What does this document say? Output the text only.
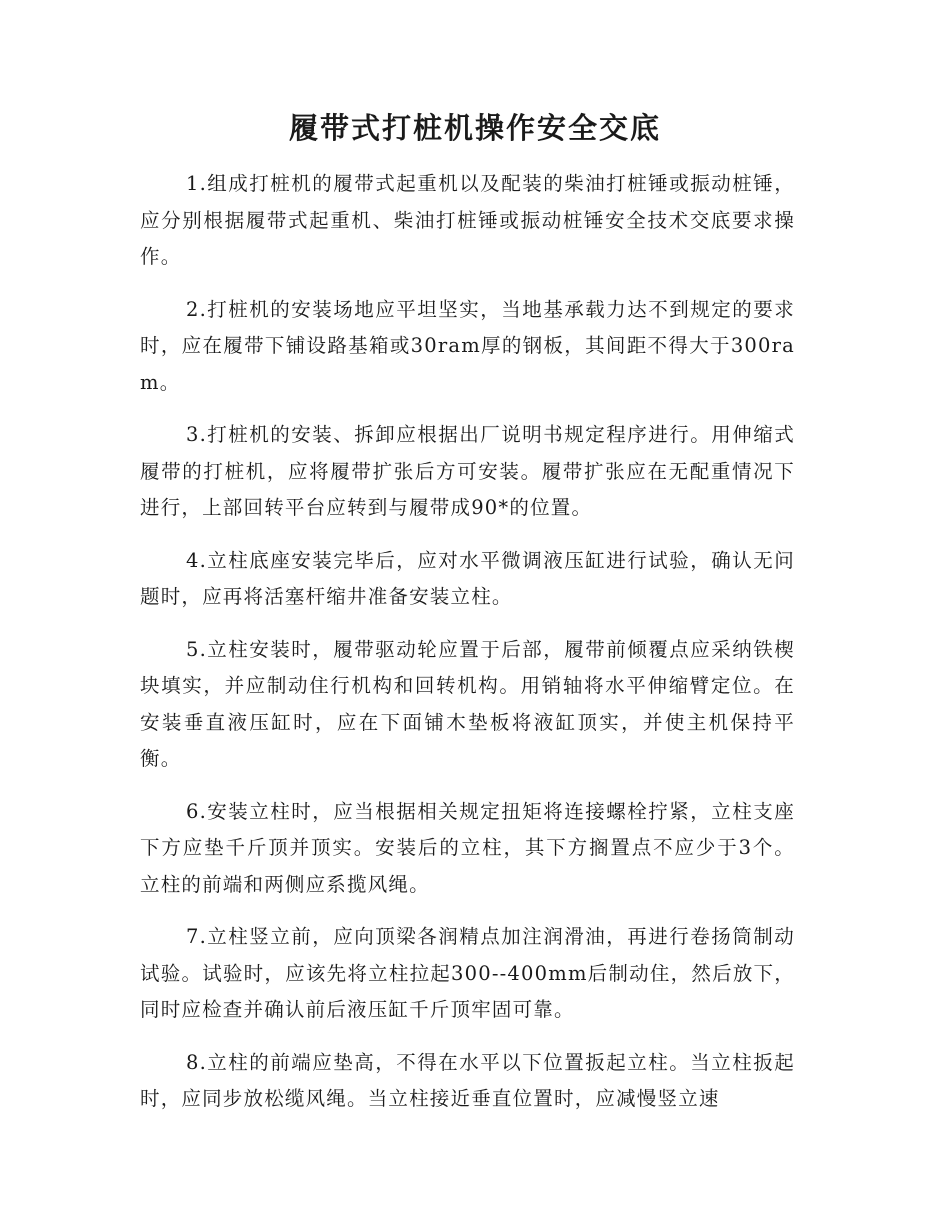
履带式打桩机操作安全交底

1.组成打桩机的履带式起重机以及配装的柴油打桩锤或振动桩锤，应分别根据履带式起重机、柴油打桩锤或振动桩锤安全技术交底要求操作。

2.打桩机的安装场地应平坦坚实，当地基承载力达不到规定的要求时，应在履带下铺设路基箱或30ram厚的钢板，其间距不得大于300ram。

3.打桩机的安装、拆卸应根据出厂说明书规定程序进行。用伸缩式履带的打桩机，应将履带扩张后方可安装。履带扩张应在无配重情况下进行，上部回转平台应转到与履带成90*的位置。

4.立柱底座安装完毕后，应对水平微调液压缸进行试验，确认无问题时，应再将活塞杆缩井准备安装立柱。

5.立柱安装时，履带驱动轮应置于后部，履带前倾覆点应采纳铁楔块填实，并应制动住行机构和回转机构。用销轴将水平伸缩臂定位。在安装垂直液压缸时，应在下面铺木垫板将液缸顶实，并使主机保持平衡。

6.安装立柱时，应当根据相关规定扭矩将连接螺栓拧紧，立柱支座下方应垫千斤顶并顶实。安装后的立柱，其下方搁置点不应少于3个。立柱的前端和两侧应系揽风绳。

7.立柱竖立前，应向顶梁各润精点加注润滑油，再进行卷扬筒制动试验。试验时，应该先将立柱拉起300--400mm后制动住，然后放下，同时应检查并确认前后液压缸千斤顶牢固可靠。

8.立柱的前端应垫高，不得在水平以下位置扳起立柱。当立柱扳起时，应同步放松缆风绳。当立柱接近垂直位置时，应减慢竖立速
